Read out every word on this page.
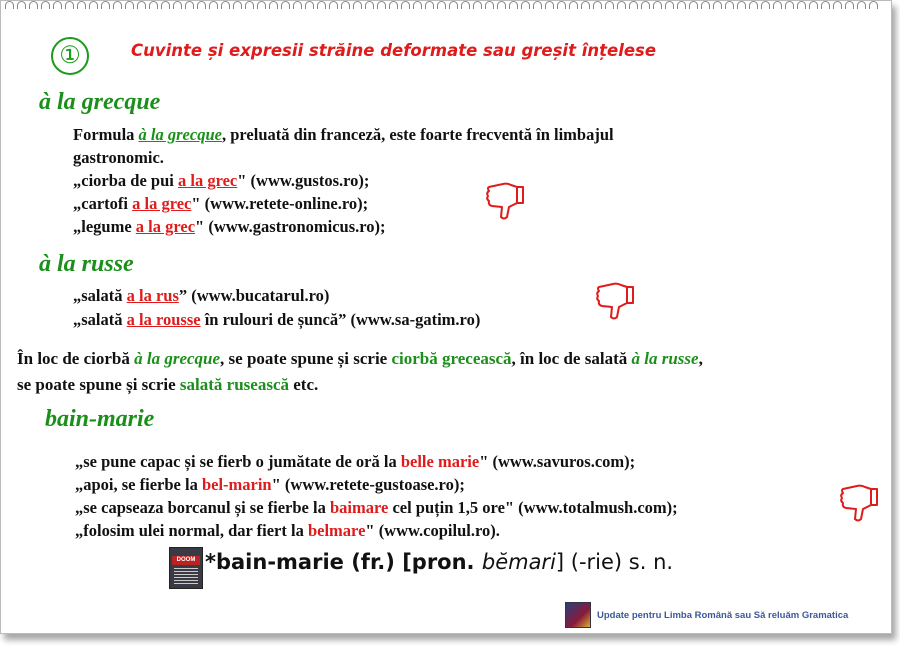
①	Cuvinte și expresii străine deformate sau greșit înțelese
à la grecque
Formula à la grecque, preluată din franceză, este foarte frecventă în limbajul
gastronomic.
„ciorba de pui a la grec" (www.gustos.ro);
„cartofi a la grec" (www.retete-online.ro);
„legume a la grec" (www.gastronomicus.ro);
à la russe
„salată a la rus” (www.bucatarul.ro)
„salată a la rousse în rulouri de șuncă” (www.sa-gatim.ro)
În loc de ciorbă à la grecque, se poate spune și scrie ciorbă grecească, în loc de salată à la russe,
se poate spune și scrie salată rusească etc.
bain-marie
„se pune capac și se fierb o jumătate de oră la belle marie" (www.savuros.com);
„apoi, se fierbe la bel-marin" (www.retete-gustoase.ro);
„se capseaza borcanul și se fierbe la baimare cel puțin 1,5 ore" (www.totalmush.com);
„folosim ulei normal, dar fiert la belmare" (www.copilul.ro).
DOOM *bain-marie (fr.) [pron. bĕmari] (-rie) s. n.
Update pentru Limba Română sau Să reluăm Gramatica
